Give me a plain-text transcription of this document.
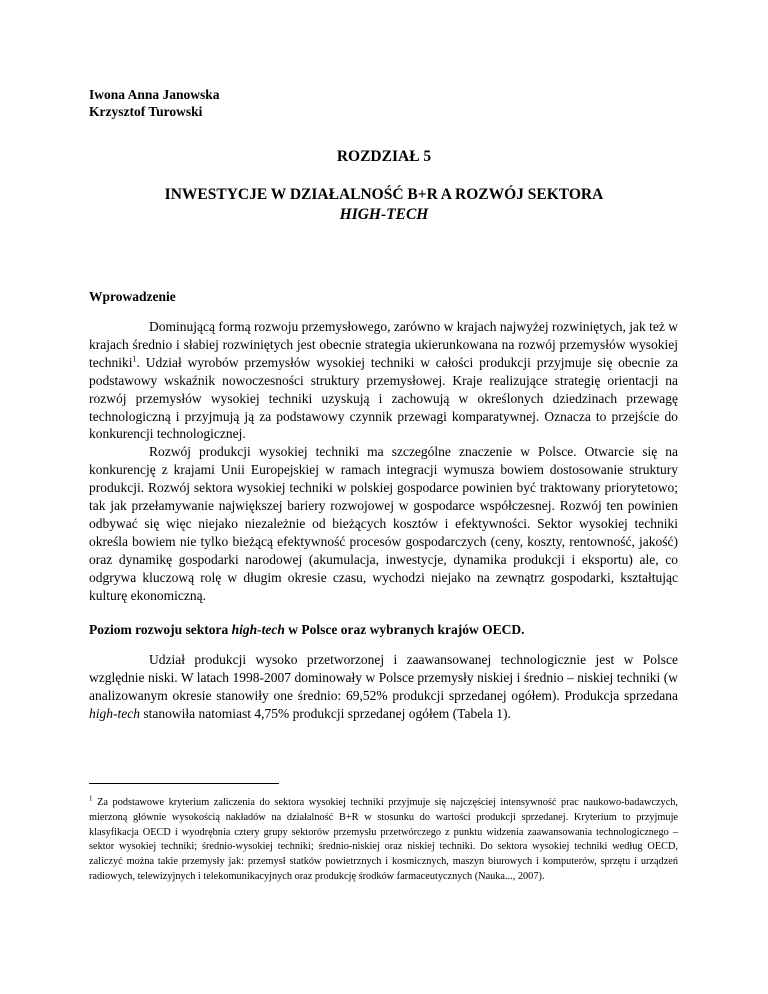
Iwona Anna Janowska
Krzysztof Turowski
ROZDZIAŁ 5
INWESTYCJE W DZIAŁALNOŚĆ B+R A ROZWÓJ SEKTORA
HIGH-TECH
Wprowadzenie

Dominującą formą rozwoju przemysłowego, zarówno w krajach najwyżej rozwiniętych, jak też w krajach średnio i słabiej rozwiniętych jest obecnie strategia ukierunkowana na rozwój przemysłów wysokiej techniki$^1$. Udział wyrobów przemysłów wysokiej techniki w całości produkcji przyjmuje się obecnie za podstawowy wskaźnik nowoczesności struktury przemysłowej. Kraje realizujące strategię orientacji na rozwój przemysłów wysokiej techniki uzyskują i zachowują w określonych dziedzinach przewagę technologiczną i przyjmują ją za podstawowy czynnik przewagi komparatywnej. Oznacza to przejście do konkurencji technologicznej.

Rozwój produkcji wysokiej techniki ma szczególne znaczenie w Polsce. Otwarcie się na konkurencję z krajami Unii Europejskiej w ramach integracji wymusza bowiem dostosowanie struktury produkcji. Rozwój sektora wysokiej techniki w polskiej gospodarce powinien być traktowany priorytetowo; tak jak przełamywanie największej bariery rozwojowej w gospodarce współczesnej. Rozwój ten powinien odbywać się więc niejako niezależnie od bieżących kosztów i efektywności. Sektor wysokiej techniki określa bowiem nie tylko bieżącą efektywność procesów gospodarczych (ceny, koszty, rentowność, jakość) oraz dynamikę gospodarki narodowej (akumulacja, inwestycje, dynamika produkcji i eksportu) ale, co odgrywa kluczową rolę w długim okresie czasu, wychodzi niejako na zewnątrz gospodarki, kształtując kulturę ekonomiczną.

Poziom rozwoju sektora high-tech w Polsce oraz wybranych krajów OECD.

Udział produkcji wysoko przetworzonej i zaawansowanej technologicznie jest w Polsce względnie niski. W latach 1998-2007 dominowały w Polsce przemysły niskiej i średnio – niskiej techniki (w analizowanym okresie stanowiły one średnio: 69,52% produkcji sprzedanej ogółem). Produkcja sprzedana high-tech stanowiła natomiast 4,75% produkcji sprzedanej ogółem (Tabela 1).

$^1$ Za podstawowe kryterium zaliczenia do sektora wysokiej techniki przyjmuje się najczęściej intensywność prac naukowo-badawczych, mierzoną głównie wysokością nakładów na działalność B+R w stosunku do wartości produkcji sprzedanej. Kryterium to przyjmuje klasyfikacja OECD i wyodrębnia cztery grupy sektorów przemysłu przetwórczego z punktu widzenia zaawansowania technologicznego – sektor wysokiej techniki; średnio-wysokiej techniki; średnio-niskiej oraz niskiej techniki. Do sektora wysokiej techniki według OECD, zaliczyć można takie przemysły jak: przemysł statków powietrznych i kosmicznych, maszyn biurowych i komputerów, sprzętu i urządzeń radiowych, telewizyjnych i telekomunikacyjnych oraz produkcję środków farmaceutycznych (Nauka..., 2007).
